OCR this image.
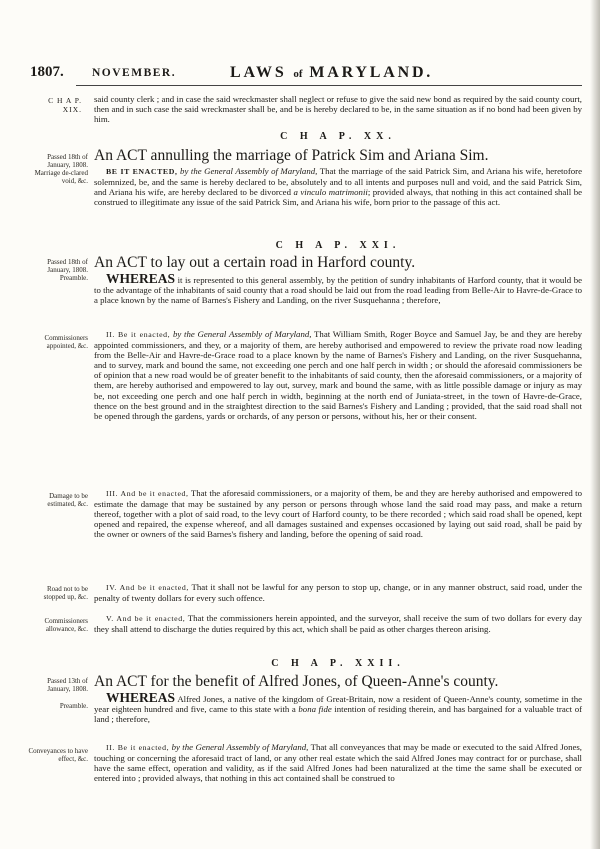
1807. NOVEMBER.	LAWS of MARYLAND.
C H A P.
XIX.

said county clerk ; and in case the said wreckmaster shall neglect or refuse to give the said new bond as required by the said county court, then and in such case the said wreckmaster shall be, and be is hereby declared to be, in the same situation as if no bond had been given by him.

C H A P. XX.
An ACT annulling the marriage of Patrick Sim and Ariana Sim.
Passed 18th of January, 1808. Marriage de-clared void, &c.

BE IT ENACTED, by the General Assembly of Maryland, That the marriage of the said Patrick Sim, and Ariana his wife, heretofore solemnized, be, and the same is hereby declared to be, absolutely and to all intents and purposes null and void, and the said Patrick Sim, and Ariana his wife, are hereby declared to be divorced a vinculo matrimonii; provided always, that nothing in this act contained shall be construed to illegitimate any issue of the said Patrick Sim, and Ariana his wife, born prior to the passage of this act.

C H A P. XXI.
An ACT to lay out a certain road in Harford county.
Passed 18th of January, 1808. Preamble.	WHEREAS it is represented to this general assembly, by the petition of sundry inhabitants of Harford county, that it would be to the advantage of the inhabitants of said county that a road should be laid out from the road leading from Belle-Air to Havre-de-Grace to a place known by the name of Barnes's Fishery and Landing, on the river Susquehanna ; therefore,

Commissioners appointed, &c.

II. Be it enacted, by the General Assembly of Maryland, That William Smith, Roger Boyce and Samuel Jay, be and they are hereby appointed commissioners, and they, or a majority of them, are hereby authorised and empowered to review the private road now leading from the Belle-Air and Havre-de-Grace road to a place known by the name of Barnes's Fishery and Landing, on the river Susquehanna, and to survey, mark and bound the same, not exceeding one perch and one half perch in width ; or should the aforesaid commissioners be of opinion that a new road would be of greater benefit to the inhabitants of said county, then the aforesaid commissioners, or a majority of them, are hereby authorised and empowered to lay out, survey, mark and bound the same, with as little possible damage or injury as may be, not exceeding one perch and one half perch in width, beginning at the north end of Juniata-street, in the town of Havre-de-Grace, thence on the best ground and in the straightest direction to the said Barnes's Fishery and Landing ; provided, that the said road shall not be opened through the gardens, yards or orchards, of any person or persons, without his, her or their consent.

Damage to be estimated, &c.

III. And be it enacted, That the aforesaid commissioners, or a majority of them, be and they are hereby authorised and empowered to estimate the damage that may be sustained by any person or persons through whose land the said road may pass, and make a return thereof, together with a plot of said road, to the levy court of Harford county, to be there recorded ; which said road shall be opened, kept opened and repaired, the expense whereof, and all damages sustained and expenses occasioned by laying out said road, shall be paid by the owner or owners of the said Barnes's fishery and landing, before the opening of said road.

Road not to be stopped up, &c.

IV. And be it enacted, That it shall not be lawful for any person to stop up, change, or in any manner obstruct, said road, under the penalty of twenty dollars for every such offence.

Commissioners allowance, &c.

V. And be it enacted, That the commissioners herein appointed, and the surveyor, shall receive the sum of two dollars for every day they shall attend to discharge the duties required by this act, which shall be paid as other charges thereon arising.

C H A P. XXII.
An ACT for the benefit of Alfred Jones, of Queen-Anne's county.
Passed 13th of January, 1808.
Preamble.

WHEREAS Alfred Jones, a native of the kingdom of Great-Britain, now a resident of Queen-Anne's county, sometime in the year eighteen hundred and five, came to this state with a bona fide intention of residing therein, and has bargained for a valuable tract of land ; therefore,

Conveyances to have effect, &c.

II. Be it enacted, by the General Assembly of Maryland, That all conveyances that may be made or executed to the said Alfred Jones, touching or concerning the aforesaid tract of land, or any other real estate which the said Alfred Jones may contract for or purchase, shall have the same effect, operation and validity, as if the said Alfred Jones had been naturalized at the time the same shall be executed or entered into ; provided always, that nothing in this act contained shall be construed to
